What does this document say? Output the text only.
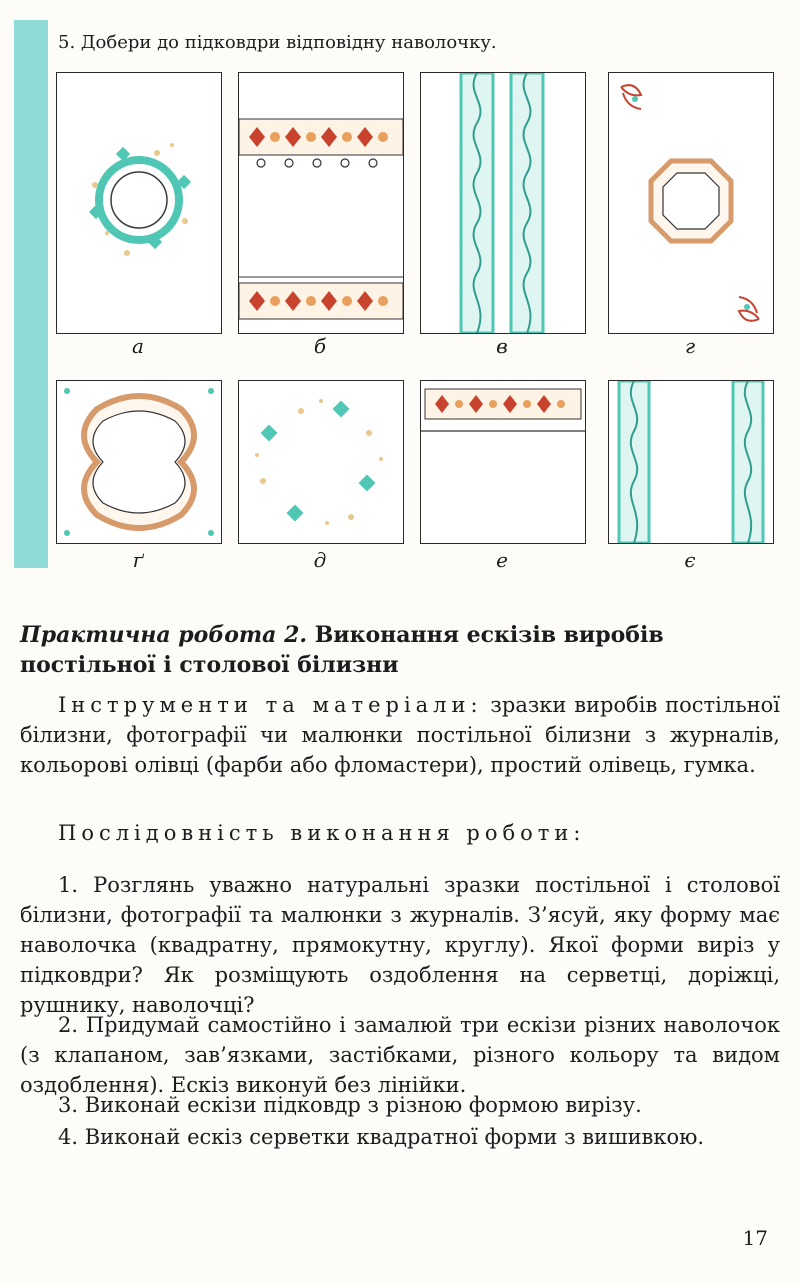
5. Добери до підковдри відповідну наволочку.
а	б	в	г
ґ	д	е	є
Практична робота 2. Виконання ескізів виробів постільної і столової білизни
Інструменти та матеріали: зразки виробів постільної білизни, фотографії чи малюнки постільної білизни з журналів, кольорові олівці (фарби або фломастери), простий олівець, гумка.
Послідовність виконання роботи:
1. Розглянь уважно натуральні зразки постільної і столової білизни, фотографії та малюнки з журналів. З’ясуй, яку форму має наволочка (квадратну, прямокутну, круглу). Якої форми виріз у підковдри? Як розміщують оздоблення на серветці, доріжці, рушнику, наволочці?
2. Придумай самостійно і замалюй три ескізи різних наволочок (з клапаном, зав’язками, застібками, різного кольору та видом оздоблення). Ескіз виконуй без лінійки.
3. Виконай ескізи підковдр з різною формою вирізу.
4. Виконай ескіз серветки квадратної форми з вишивкою.
17
